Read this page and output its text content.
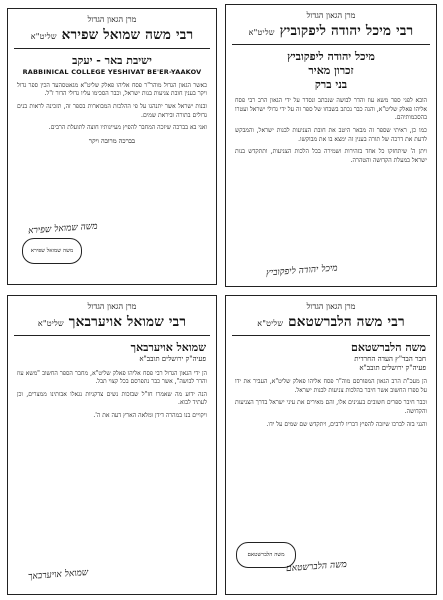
מרן הגאון הגדול
רבי מיכל יהודה ליפקוביץ שליט"א
מיכל יהודה ליפקוביץ
זכרון מאיר
בני ברק

הובא לפני ספר משא עוז והדר לבושה שנכתב ונסדר על ידי הגאון הרב רבי פסח אליהו פאלק שליט"א, והנה כבר נכתב בשבחו של ספר זה על ידי גדולי ישראל ועטרו בהסכמותיהם.

כמו כן, ראיתי שספר זה מבאר היטב את חובת הצניעות לבנות ישראל, והמבקש לדעת את דרכה של תורה בענין זה ימצא בו את מבוקשו.

ויתן ה' שיתחזקו כל אחד בזהירות ושמירה בכל הלכות הצניעות, ותתקדש בנות ישראל במעלת הקדושה והטהרה.

מיכל יהודה ליפקוביץ
מרן הגאון הגדול
רבי משה שמואל שפירא שליט"א
ישיבת באר - יעקב
RABBINICAL COLLEGE YESHIVAT BE'ER-YAAKOV

כאשר הגאון הגדול מוהר"ר פסח אליהו פאלק שליט"א מגאטסהעד הכין ספר גדול ויקר בענין חובת צניעות בנות ישראל, וכבר הסכימו עליו גדולי הדור ז"ל.

ובנות ישראל אשר יתנהגו על פי ההלכות המבוארות בספר זה, תזכינה לראות בנים גדולים בתורה וביראת שמים.

ואני בא בברכה שיזכה המחבר להפיץ מעיינותיו חוצה לתועלת הרבים.

בברכה מרובה ויקר
משה שמואל שפירא
משה שמואל שפירא
מרן הגאון הגדול
רבי משה הלברשטאם שליט"א
משה הלברשטאם
חבר הבד"ץ העדה החרדית
פעיה"ק ירושלים תובב"א

הן מעכ"ת הרב הגאון המפורסם מוה"ר פסח אליהו פאלק שליט"א, העביר את ידו על ספרו החשוב אשר חיבר בהלכות צניעות לבנות ישראל.

וכבר חיבר ספרים חשובים בענינים אלו, והם מאירים את עיני ישראל בדרך הצניעות והקדושה.

והנני בזה לברכו שיזכה להפיץ דבריו לרבים, ויתקדש שם שמים על ידו.

משה הלברשטאם
משה הלברשטאם
מרן הגאון הגדול
רבי שמואל אויערבאך שליט"א
שמואל אויערבאך
פעיה"ק ירושלים תובב"א

הן ידי הגאון הגדול רבי פסח אליהו פאלק שליט"א, מחבר הספר החשוב "משא עוז והדר לבושה", אשר כבר נתפרסם בכל קצוי תבל.

הנה ידוע מה שאמרו חז"ל שבזכות נשים צדקניות נגאלו אבותינו ממצרים, וכן לעתיד לבוא.

ויקויים בנו במהרה דידן ומלאה הארץ דעה את ה'.

שמואל אויערבאך
